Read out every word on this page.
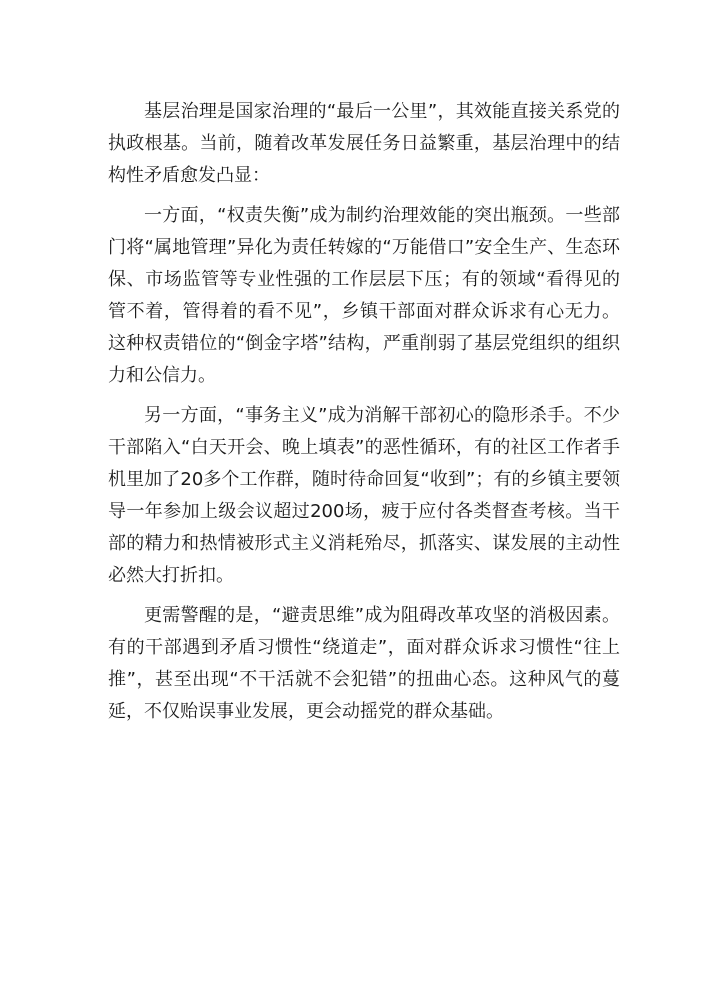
基层治理是国家治理的“最后一公里”，其效能直接关系党的执政根基。当前，随着改革发展任务日益繁重，基层治理中的结构性矛盾愈发凸显：

一方面，“权责失衡”成为制约治理效能的突出瓶颈。一些部门将“属地管理”异化为责任转嫁的“万能借口”安全生产、生态环保、市场监管等专业性强的工作层层下压；有的领域“看得见的管不着，管得着的看不见”，乡镇干部面对群众诉求有心无力。这种权责错位的“倒金字塔”结构，严重削弱了基层党组织的组织力和公信力。

另一方面，“事务主义”成为消解干部初心的隐形杀手。不少干部陷入“白天开会、晚上填表”的恶性循环，有的社区工作者手机里加了20多个工作群，随时待命回复“收到”；有的乡镇主要领导一年参加上级会议超过200场，疲于应付各类督查考核。当干部的精力和热情被形式主义消耗殆尽，抓落实、谋发展的主动性必然大打折扣。

更需警醒的是，“避责思维”成为阻碍改革攻坚的消极因素。有的干部遇到矛盾习惯性“绕道走”，面对群众诉求习惯性“往上推”，甚至出现“不干活就不会犯错”的扭曲心态。这种风气的蔓延，不仅贻误事业发展，更会动摇党的群众基础。
